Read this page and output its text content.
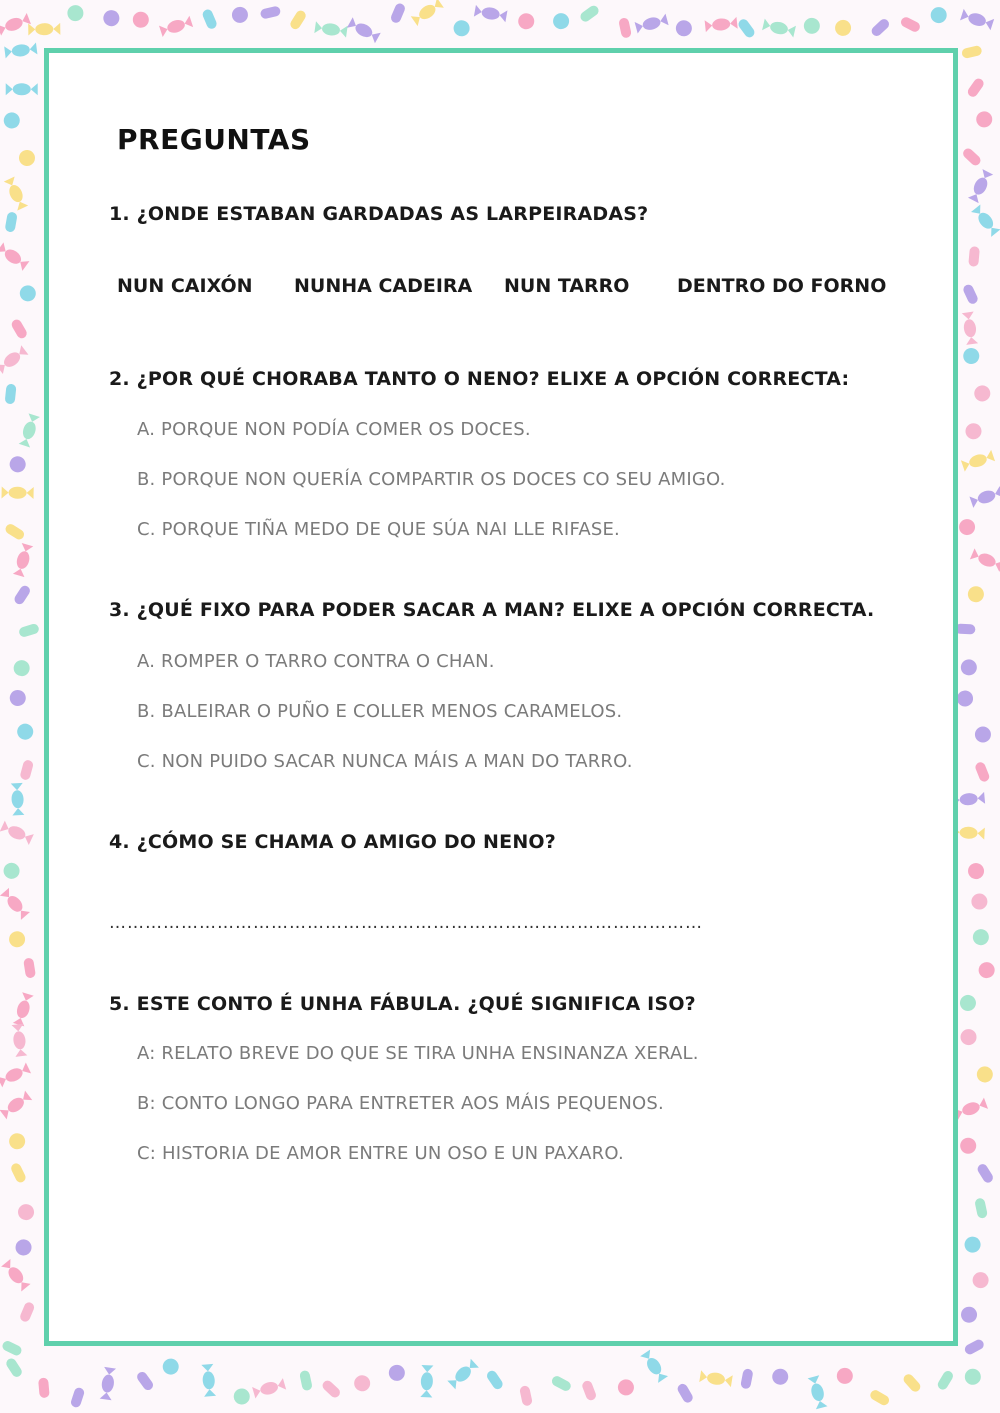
PREGUNTAS
1. ¿ONDE ESTABAN GARDADAS AS LARPEIRADAS?
NUN CAIXÓN NUNHA CADEIRA NUN TARRO	DENTRO DO FORNO
2. ¿POR QUÉ CHORABA TANTO O NENO? ELIXE A OPCIÓN CORRECTA:
A. PORQUE NON PODÍA COMER OS DOCES.
B. PORQUE NON QUERÍA COMPARTIR OS DOCES CO SEU AMIGO.
C. PORQUE TIÑA MEDO DE QUE SÚA NAI LLE RIFASE.
3. ¿QUÉ FIXO PARA PODER SACAR A MAN? ELIXE A OPCIÓN CORRECTA.
A. ROMPER O TARRO CONTRA O CHAN.
B. BALEIRAR O PUÑO E COLLER MENOS CARAMELOS.
C. NON PUIDO SACAR NUNCA MÁIS A MAN DO TARRO.
4. ¿CÓMO SE CHAMA O AMIGO DO NENO?
………………………………………………………………………………………
5. ESTE CONTO É UNHA FÁBULA. ¿QUÉ SIGNIFICA ISO?
A: RELATO BREVE DO QUE SE TIRA UNHA ENSINANZA XERAL.
B: CONTO LONGO PARA ENTRETER AOS MÁIS PEQUENOS.
C: HISTORIA DE AMOR ENTRE UN OSO E UN PAXARO.
